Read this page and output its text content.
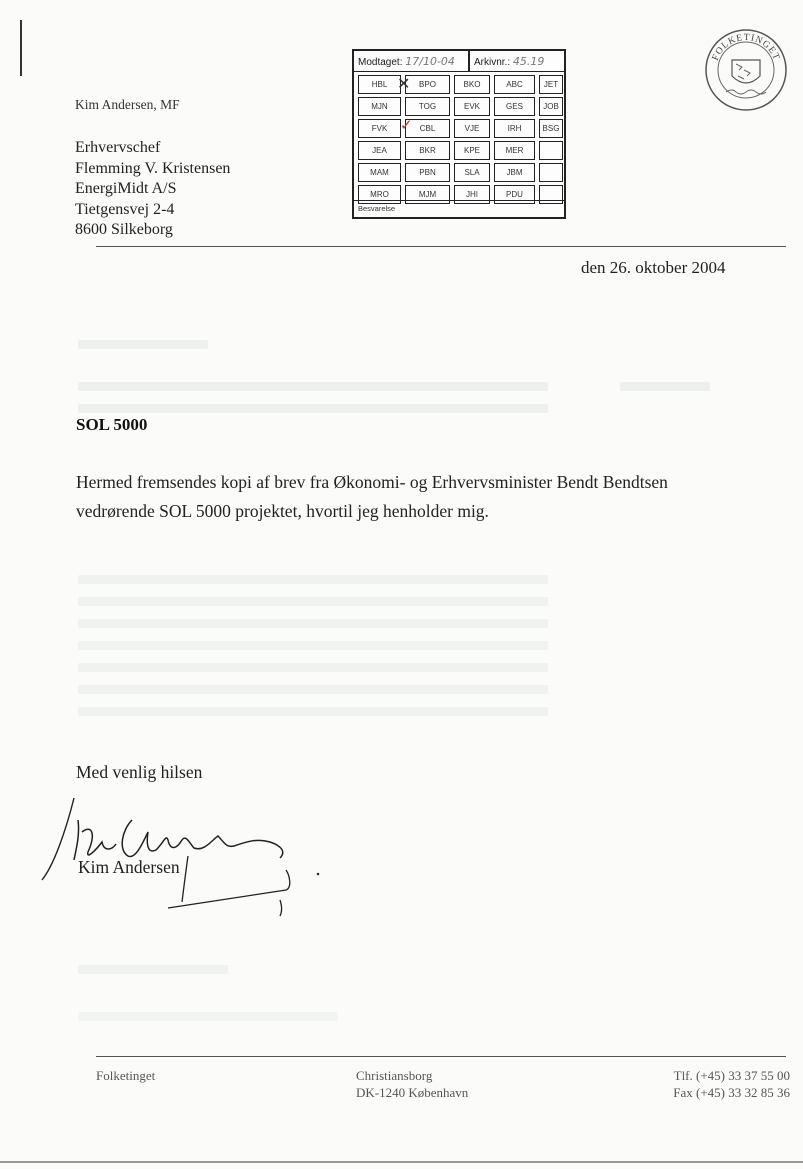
Kim Andersen, MF
Erhvervschef
Flemming V. Kristensen
EnergiMidt A/S
Tietgensvej 2-4
8600 Silkeborg
Modtaget: 17/10-04 Arkivnr.: 45.19
HBL ✕ BPO	BKO	ABC	JET
MJN	TOG	EVK	GES	JOB
FVK ✓ CBL	VJE	IRH	BSG
JEA	BKR	KPE	MER
MAM	PBN	SLA	JBM
MRO	MJM	JHI	PDU
Besvarelse
FOLKETINGET
den 26. oktober 2004
SOL 5000

Hermed fremsendes kopi af brev fra Økonomi- og Erhvervsminister Bendt Bendtsen

vedrørende SOL 5000 projektet, hvortil jeg henholder mig.

Med venlig hilsen
Kim Andersen
Folketinget	Christiansborg
DK-1240 København
Tlf. (+45) 33 37 55 00
Fax (+45) 33 32 85 36
